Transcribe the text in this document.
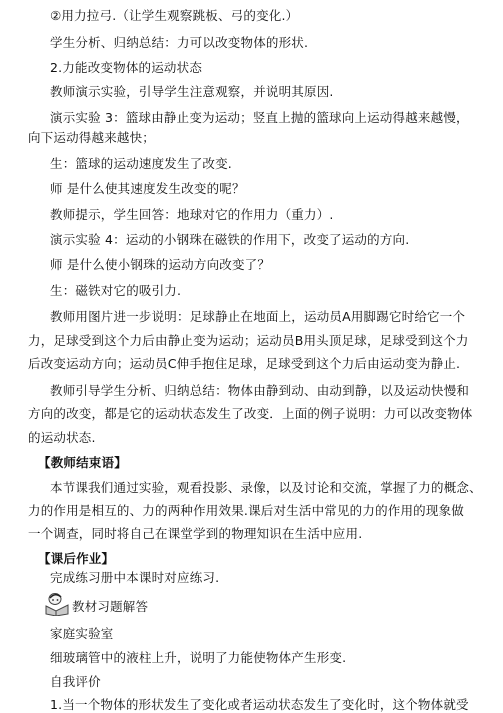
②用力拉弓.（让学生观察跳板、弓的变化.）
学生分析、归纳总结：力可以改变物体的形状.
2.力能改变物体的运动状态
教师演示实验，引导学生注意观察，并说明其原因.
演示实验 3：篮球由静止变为运动；竖直上抛的篮球向上运动得越来越慢，
向下运动得越来越快；
生：篮球的运动速度发生了改变.
师 是什么使其速度发生改变的呢？
教师提示，学生回答：地球对它的作用力（重力）.
演示实验 4：运动的小钢珠在磁铁的作用下，改变了运动的方向.
师 是什么使小钢珠的运动方向改变了？
生：磁铁对它的吸引力.
教师用图片进一步说明：足球静止在地面上，运动员A用脚踢它时给它一个
力，足球受到这个力后由静止变为运动；运动员B用头顶足球，足球受到这个力
后改变运动方向；运动员C伸手抱住足球，足球受到这个力后由运动变为静止.
教师引导学生分析、归纳总结：物体由静到动、由动到静，以及运动快慢和
方向的改变，都是它的运动状态发生了改变．上面的例子说明：力可以改变物体
的运动状态.
【教师结束语】
本节课我们通过实验，观看投影、录像，以及讨论和交流，掌握了力的概念、
力的作用是相互的、力的两种作用效果.课后对生活中常见的力的作用的现象做
一个调查，同时将自己在课堂学到的物理知识在生活中应用.
【课后作业】
完成练习册中本课时对应练习.
教材习题解答
家庭实验室
细玻璃管中的液柱上升，说明了力能使物体产生形变.
自我评价
1.当一个物体的形状发生了变化或者运动状态发生了变化时，这个物体就受
